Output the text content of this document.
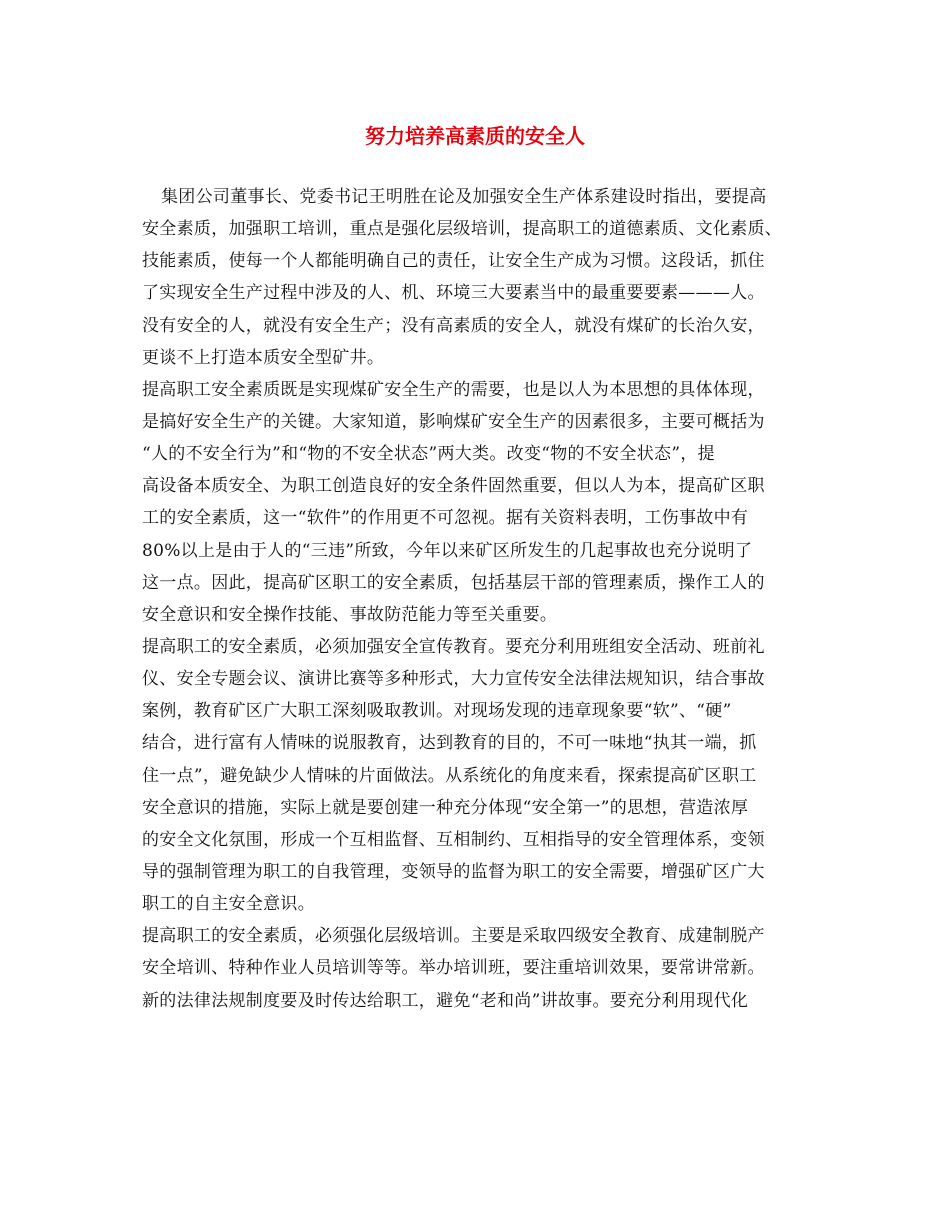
努力培养高素质的安全人
集团公司董事长、党委书记王明胜在论及加强安全生产体系建设时指出，要提高
安全素质，加强职工培训，重点是强化层级培训，提高职工的道德素质、文化素质、
技能素质，使每一个人都能明确自己的责任，让安全生产成为习惯。这段话，抓住
了实现安全生产过程中涉及的人、机、环境三大要素当中的最重要要素———人。
没有安全的人，就没有安全生产；没有高素质的安全人，就没有煤矿的长治久安，
更谈不上打造本质安全型矿井。
提高职工安全素质既是实现煤矿安全生产的需要，也是以人为本思想的具体体现，
是搞好安全生产的关键。大家知道，影响煤矿安全生产的因素很多，主要可概括为
“人的不安全行为”和“物的不安全状态”两大类。改变“物的不安全状态”，提
高设备本质安全、为职工创造良好的安全条件固然重要，但以人为本，提高矿区职
工的安全素质，这一“软件”的作用更不可忽视。据有关资料表明，工伤事故中有
80%以上是由于人的“三违”所致，今年以来矿区所发生的几起事故也充分说明了
这一点。因此，提高矿区职工的安全素质，包括基层干部的管理素质，操作工人的
安全意识和安全操作技能、事故防范能力等至关重要。
提高职工的安全素质，必须加强安全宣传教育。要充分利用班组安全活动、班前礼
仪、安全专题会议、演讲比赛等多种形式，大力宣传安全法律法规知识，结合事故
案例，教育矿区广大职工深刻吸取教训。对现场发现的违章现象要“软”、“硬”
结合，进行富有人情味的说服教育，达到教育的目的，不可一味地“执其一端，抓
住一点”，避免缺少人情味的片面做法。从系统化的角度来看，探索提高矿区职工
安全意识的措施，实际上就是要创建一种充分体现“安全第一”的思想，营造浓厚
的安全文化氛围，形成一个互相监督、互相制约、互相指导的安全管理体系，变领
导的强制管理为职工的自我管理，变领导的监督为职工的安全需要，增强矿区广大
职工的自主安全意识。
提高职工的安全素质，必须强化层级培训。主要是采取四级安全教育、成建制脱产
安全培训、特种作业人员培训等等。举办培训班，要注重培训效果，要常讲常新。
新的法律法规制度要及时传达给职工，避免“老和尚”讲故事。要充分利用现代化
